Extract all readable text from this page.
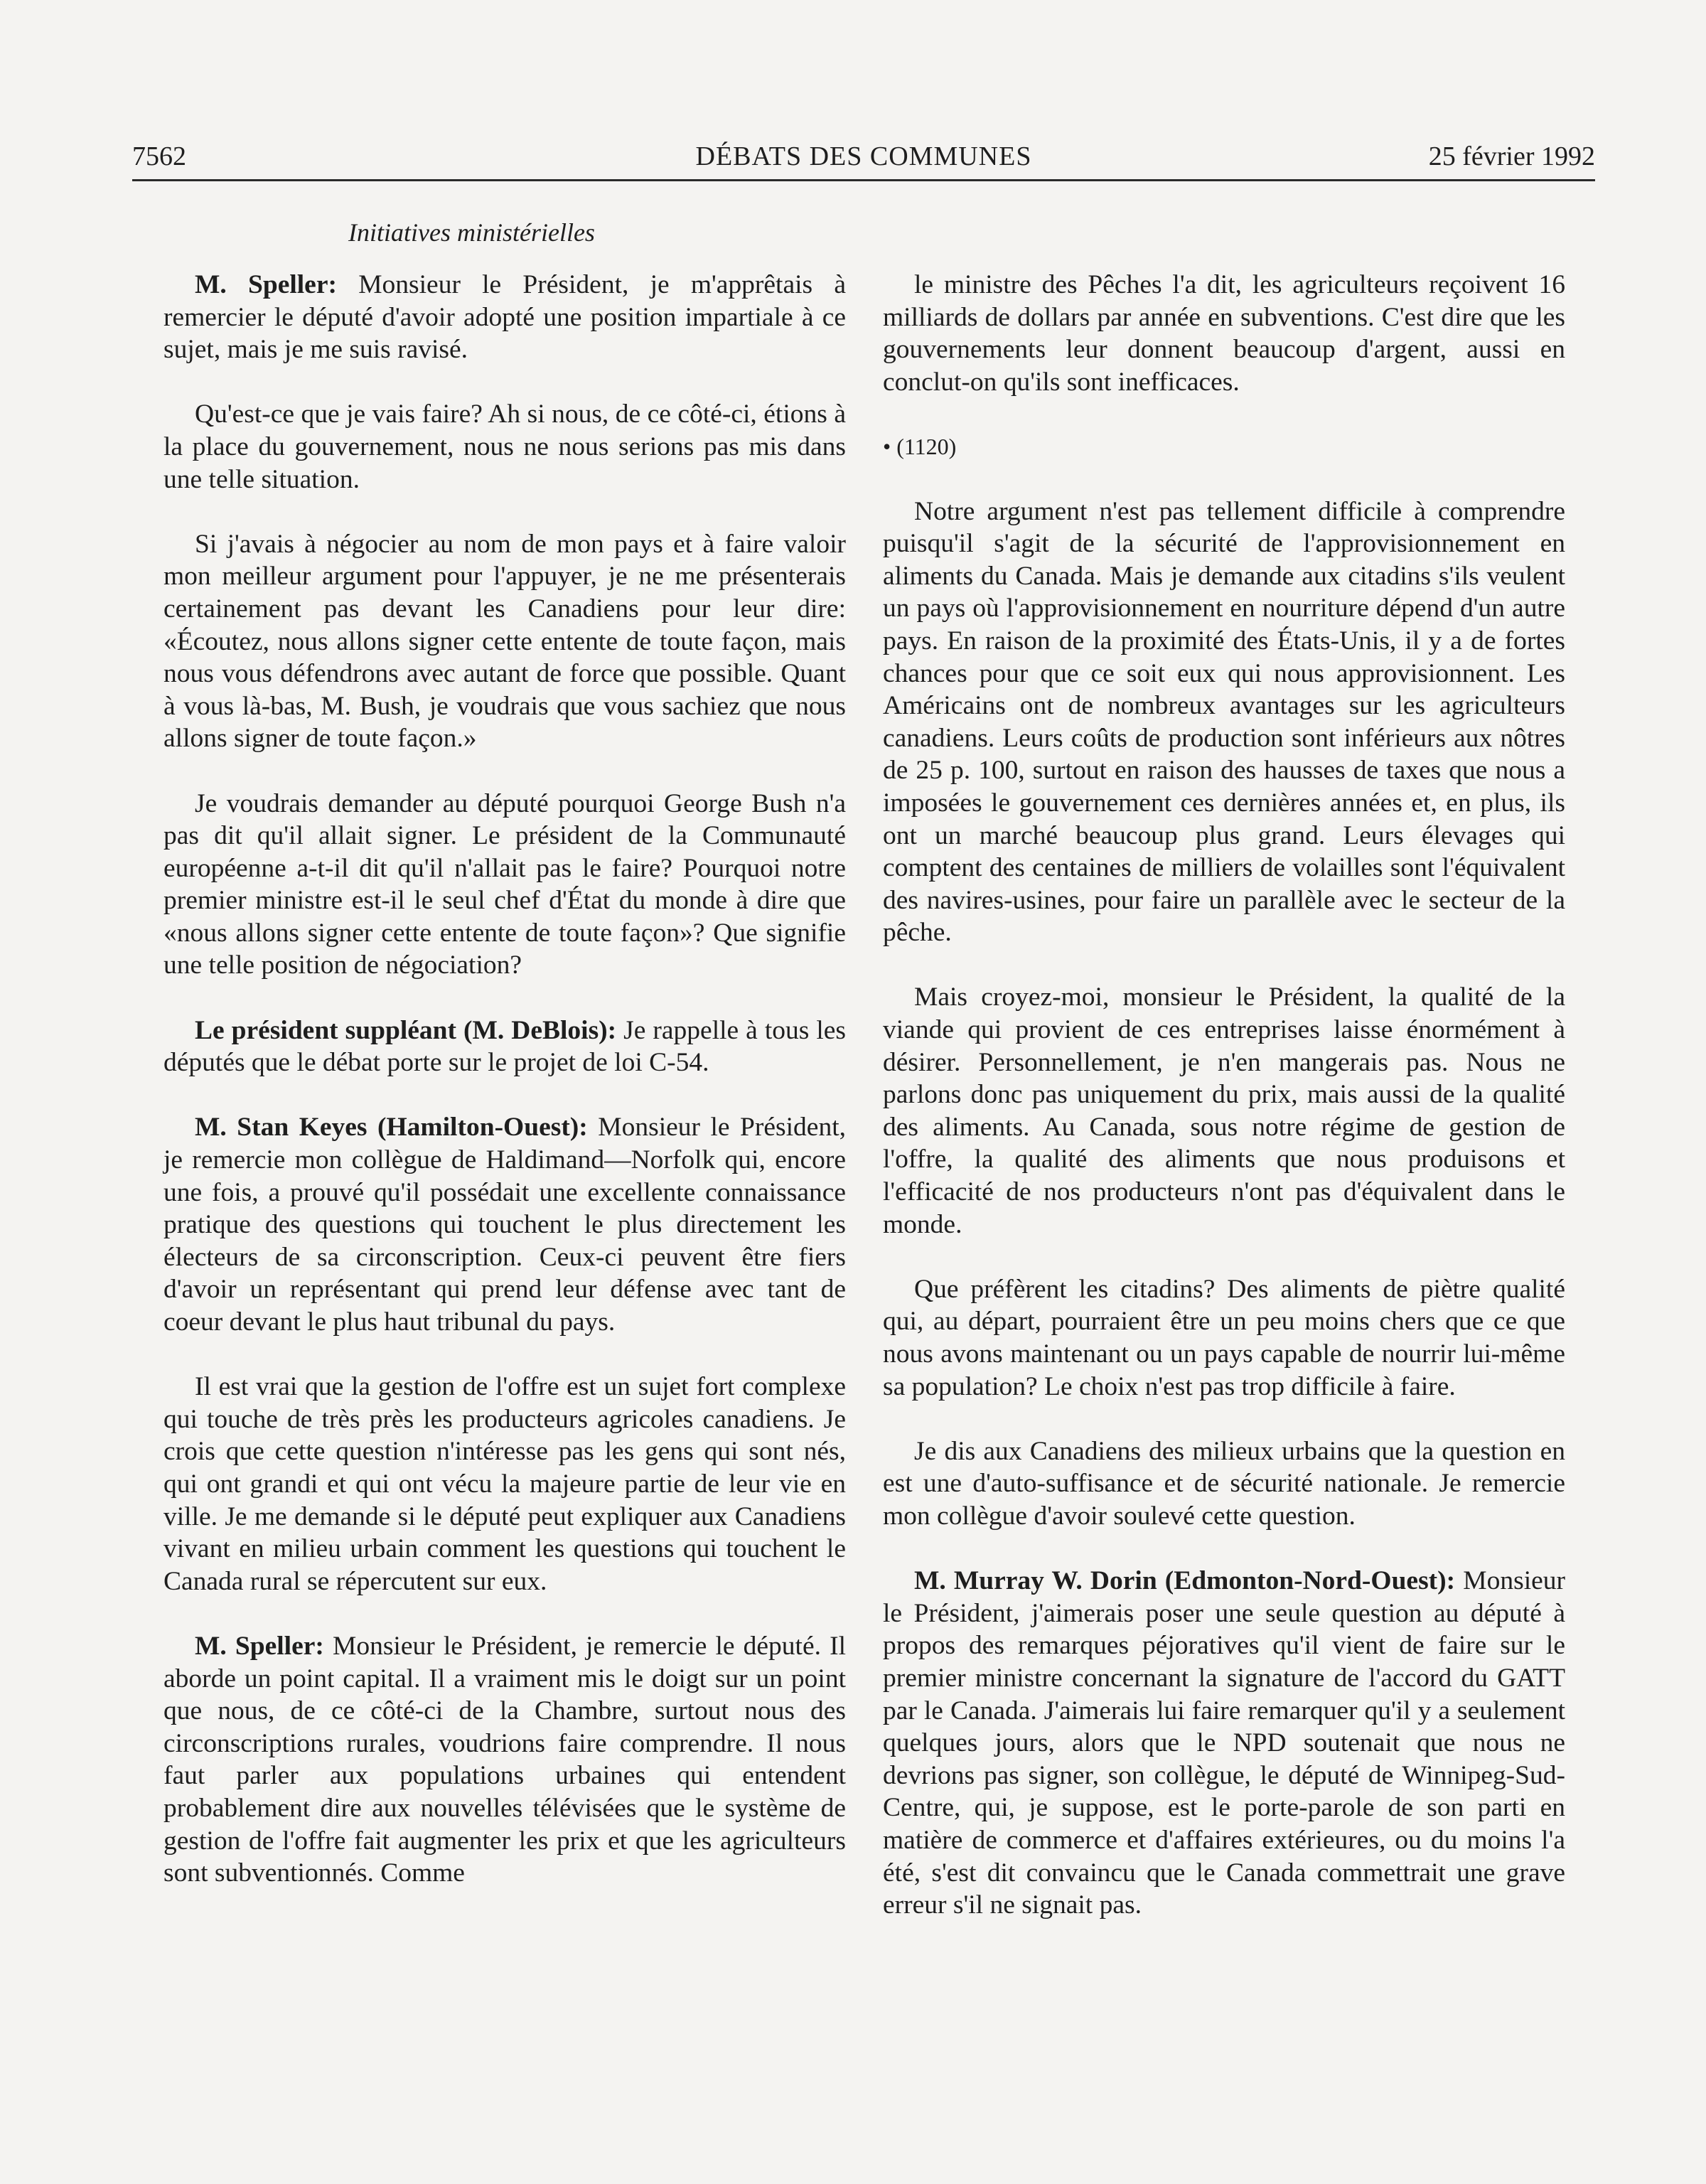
7562	DÉBATS DES COMMUNES	25 février 1992
Initiatives ministérielles

M. Speller: Monsieur le Président, je m'apprêtais à remercier le député d'avoir adopté une position impartiale à ce sujet, mais je me suis ravisé.

Qu'est-ce que je vais faire? Ah si nous, de ce côté-ci, étions à la place du gouvernement, nous ne nous serions pas mis dans une telle situation.

Si j'avais à négocier au nom de mon pays et à faire valoir mon meilleur argument pour l'appuyer, je ne me présenterais certainement pas devant les Canadiens pour leur dire: «Écoutez, nous allons signer cette entente de toute façon, mais nous vous défendrons avec autant de force que possible. Quant à vous là-bas, M. Bush, je voudrais que vous sachiez que nous allons signer de toute façon.»

Je voudrais demander au député pourquoi George Bush n'a pas dit qu'il allait signer. Le président de la Communauté européenne a-t-il dit qu'il n'allait pas le faire? Pourquoi notre premier ministre est-il le seul chef d'État du monde à dire que «nous allons signer cette entente de toute façon»? Que signifie une telle position de négociation?

Le président suppléant (M. DeBlois): Je rappelle à tous les députés que le débat porte sur le projet de loi C-54.

M. Stan Keyes (Hamilton-Ouest): Monsieur le Président, je remercie mon collègue de Haldimand—Norfolk qui, encore une fois, a prouvé qu'il possédait une excellente connaissance pratique des questions qui touchent le plus directement les électeurs de sa circonscription. Ceux-ci peuvent être fiers d'avoir un représentant qui prend leur défense avec tant de coeur devant le plus haut tribunal du pays.

Il est vrai que la gestion de l'offre est un sujet fort complexe qui touche de très près les producteurs agricoles canadiens. Je crois que cette question n'intéresse pas les gens qui sont nés, qui ont grandi et qui ont vécu la majeure partie de leur vie en ville. Je me demande si le député peut expliquer aux Canadiens vivant en milieu urbain comment les questions qui touchent le Canada rural se répercutent sur eux.

M. Speller: Monsieur le Président, je remercie le député. Il aborde un point capital. Il a vraiment mis le doigt sur un point que nous, de ce côté-ci de la Chambre, surtout nous des circonscriptions rurales, voudrions faire comprendre. Il nous faut parler aux populations urbaines qui entendent probablement dire aux nouvelles télévisées que le système de gestion de l'offre fait augmenter les prix et que les agriculteurs sont subventionnés. Comme

le ministre des Pêches l'a dit, les agriculteurs reçoivent 16 milliards de dollars par année en subventions. C'est dire que les gouvernements leur donnent beaucoup d'argent, aussi en conclut-on qu'ils sont inefficaces.

• (1120)

Notre argument n'est pas tellement difficile à comprendre puisqu'il s'agit de la sécurité de l'approvisionnement en aliments du Canada. Mais je demande aux citadins s'ils veulent un pays où l'approvisionnement en nourriture dépend d'un autre pays. En raison de la proximité des États-Unis, il y a de fortes chances pour que ce soit eux qui nous approvisionnent. Les Américains ont de nombreux avantages sur les agriculteurs canadiens. Leurs coûts de production sont inférieurs aux nôtres de 25 p. 100, surtout en raison des hausses de taxes que nous a imposées le gouvernement ces dernières années et, en plus, ils ont un marché beaucoup plus grand. Leurs élevages qui comptent des centaines de milliers de volailles sont l'équivalent des navires-usines, pour faire un parallèle avec le secteur de la pêche.

Mais croyez-moi, monsieur le Président, la qualité de la viande qui provient de ces entreprises laisse énormément à désirer. Personnellement, je n'en mangerais pas. Nous ne parlons donc pas uniquement du prix, mais aussi de la qualité des aliments. Au Canada, sous notre régime de gestion de l'offre, la qualité des aliments que nous produisons et l'efficacité de nos producteurs n'ont pas d'équivalent dans le monde.

Que préfèrent les citadins? Des aliments de piètre qualité qui, au départ, pourraient être un peu moins chers que ce que nous avons maintenant ou un pays capable de nourrir lui-même sa population? Le choix n'est pas trop difficile à faire.

Je dis aux Canadiens des milieux urbains que la question en est une d'auto-suffisance et de sécurité nationale. Je remercie mon collègue d'avoir soulevé cette question.

M. Murray W. Dorin (Edmonton-Nord-Ouest): Monsieur le Président, j'aimerais poser une seule question au député à propos des remarques péjoratives qu'il vient de faire sur le premier ministre concernant la signature de l'accord du GATT par le Canada. J'aimerais lui faire remarquer qu'il y a seulement quelques jours, alors que le NPD soutenait que nous ne devrions pas signer, son collègue, le député de Winnipeg-Sud-Centre, qui, je suppose, est le porte-parole de son parti en matière de commerce et d'affaires extérieures, ou du moins l'a été, s'est dit convaincu que le Canada commettrait une grave erreur s'il ne signait pas.
